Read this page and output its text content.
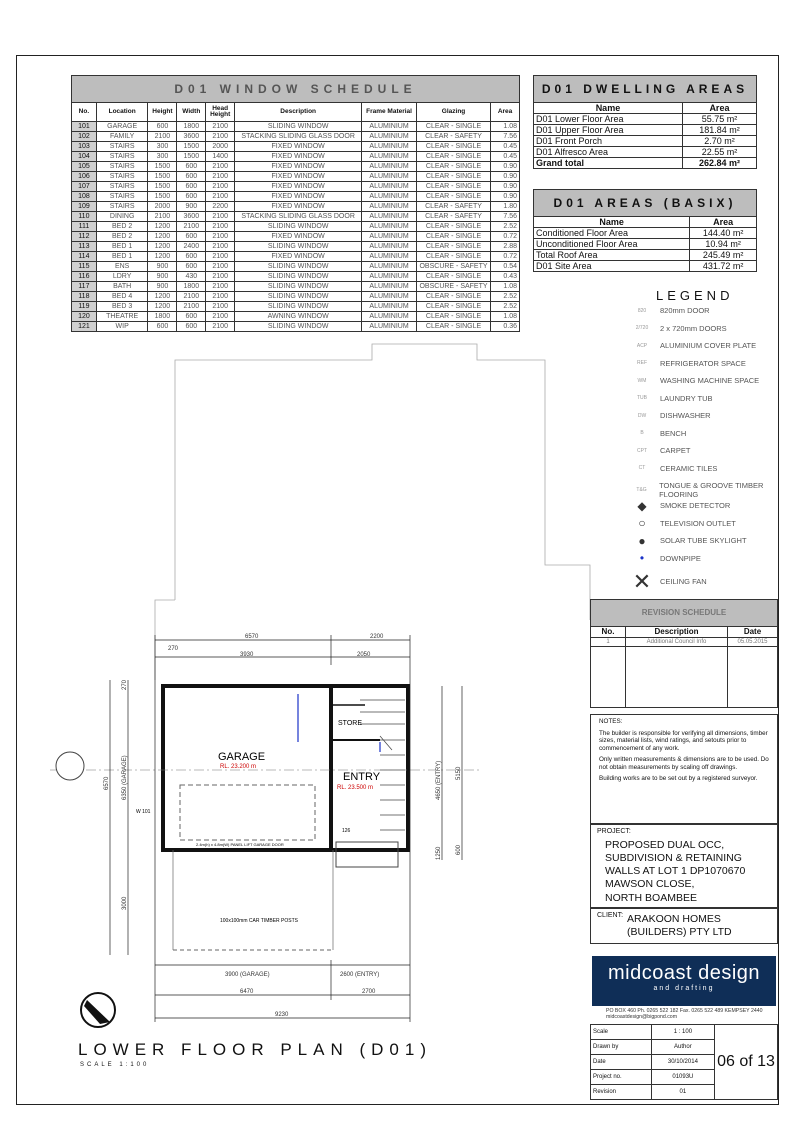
D01 WINDOW SCHEDULE								
No.	Location	Height	Width	Head Height	Description	Frame Material	Glazing	Area
101	GARAGE	600	1800	2100	SLIDING WINDOW	ALUMINIUM	CLEAR - SINGLE	1.08
102	FAMILY	2100	3600	2100	STACKING SLIDING GLASS DOOR	ALUMINIUM	CLEAR - SAFETY	7.56
103	STAIRS	300	1500	2000	FIXED WINDOW	ALUMINIUM	CLEAR - SINGLE	0.45
104	STAIRS	300	1500	1400	FIXED WINDOW	ALUMINIUM	CLEAR - SINGLE	0.45
105	STAIRS	1500	600	2100	FIXED WINDOW	ALUMINIUM	CLEAR - SINGLE	0.90
106	STAIRS	1500	600	2100	FIXED WINDOW	ALUMINIUM	CLEAR - SINGLE	0.90
107	STAIRS	1500	600	2100	FIXED WINDOW	ALUMINIUM	CLEAR - SINGLE	0.90
108	STAIRS	1500	600	2100	FIXED WINDOW	ALUMINIUM	CLEAR - SINGLE	0.90
109	STAIRS	2000	900	2200	FIXED WINDOW	ALUMINIUM	CLEAR - SAFETY	1.80
110	DINING	2100	3600	2100	STACKING SLIDING GLASS DOOR	ALUMINIUM	CLEAR - SAFETY	7.56
111	BED 2	1200	2100	2100	SLIDING WINDOW	ALUMINIUM	CLEAR - SINGLE	2.52
112	BED 2	1200	600	2100	FIXED WINDOW	ALUMINIUM	CLEAR - SINGLE	0.72
113	BED 1	1200	2400	2100	SLIDING WINDOW	ALUMINIUM	CLEAR - SINGLE	2.88
114	BED 1	1200	600	2100	FIXED WINDOW	ALUMINIUM	CLEAR - SINGLE	0.72
115	ENS	900	600	2100	SLIDING WINDOW	ALUMINIUM	OBSCURE - SAFETY	0.54
116	LDRY	900	430	2100	SLIDING WINDOW	ALUMINIUM	CLEAR - SINGLE	0.43
117	BATH	900	1800	2100	SLIDING WINDOW	ALUMINIUM	OBSCURE - SAFETY	1.08
118	BED 4	1200	2100	2100	SLIDING WINDOW	ALUMINIUM	CLEAR - SINGLE	2.52
119	BED 3	1200	2100	2100	SLIDING WINDOW	ALUMINIUM	CLEAR - SINGLE	2.52
120	THEATRE	1800	600	2100	AWNING WINDOW	ALUMINIUM	CLEAR - SINGLE	1.08
121	WIP	600	600	2100	SLIDING WINDOW	ALUMINIUM	CLEAR - SINGLE	0.36
D01 DWELLING AREAS	
Name	Area
D01 Lower Floor Area	55.75 m²
D01 Upper Floor Area	181.84 m²
D01 Front Porch	2.70 m²
D01 Alfresco Area	22.55 m²
Grand total	262.84 m²
D01 AREAS (BASIX)	
Name	Area
Conditioned Floor Area	144.40 m²
Unconditioned Floor Area	10.94 m²
Total Roof Area	245.49 m²
D01 Site Area	431.72 m²
LEGEND
820	820mm DOOR
2/720	2 x 720mm DOORS
ACP	ALUMINIUM COVER PLATE
REF	REFRIGERATOR SPACE
WM	WASHING MACHINE SPACE
TUB	LAUNDRY TUB
DW	DISHWASHER
B	BENCH
CPT	CARPET
CT	CERAMIC TILES
T&G	TONGUE & GROOVE TIMBER FLOORING
◆	SMOKE DETECTOR
○	TELEVISION OUTLET
●	SOLAR TUBE SKYLIGHT
•	DOWNPIPE
✕	CEILING FAN
6570	2200
270
3930	2050
3900 (GARAGE)	2600 (ENTRY)
6470	2700
9230
6350 (GARAGE)
6570
3000
270
4650 (ENTRY) 5150
1250 600
GARAGE
RL. 23.200 m
ENTRY
RL. 23.500 m
STORE
2.4m(h) x 4.8m(W) PANEL LIFT GARAGE DOOR
100x100mm CAR TIMBER POSTS
W 101
126
REVISION SCHEDULE		
No.	Description	Date
1	Additional Council Info	05.05.2015

NOTES:

The builder is responsible for verifying all dimensions, timber sizes, material lists, wind ratings, and setouts prior to commencement of any work.

Only written measurements & dimensions are to be used. Do not obtain measurements by scaling off drawings.

Building works are to be set out by a registered surveyor.

PROJECT:
PROPOSED DUAL OCC,
SUBDIVISION & RETAINING
WALLS AT LOT 1 DP1070670
MAWSON CLOSE,
NORTH BOAMBEE
CLIENT: ARAKOON HOMES
(BUILDERS) PTY LTD
midcoast design
and drafting
PO BOX 460 Ph. 0265 522 182 Fax. 0265 522 489 KEMPSEY 2440 midcoastdesign@bigpond.com
Scale	1 : 100	06 of 13
Drawn by	Author	
Date	30/10/2014	
Project no.	01093U	
Revision	01	
LOWER FLOOR PLAN (D01)
SCALE 1:100
